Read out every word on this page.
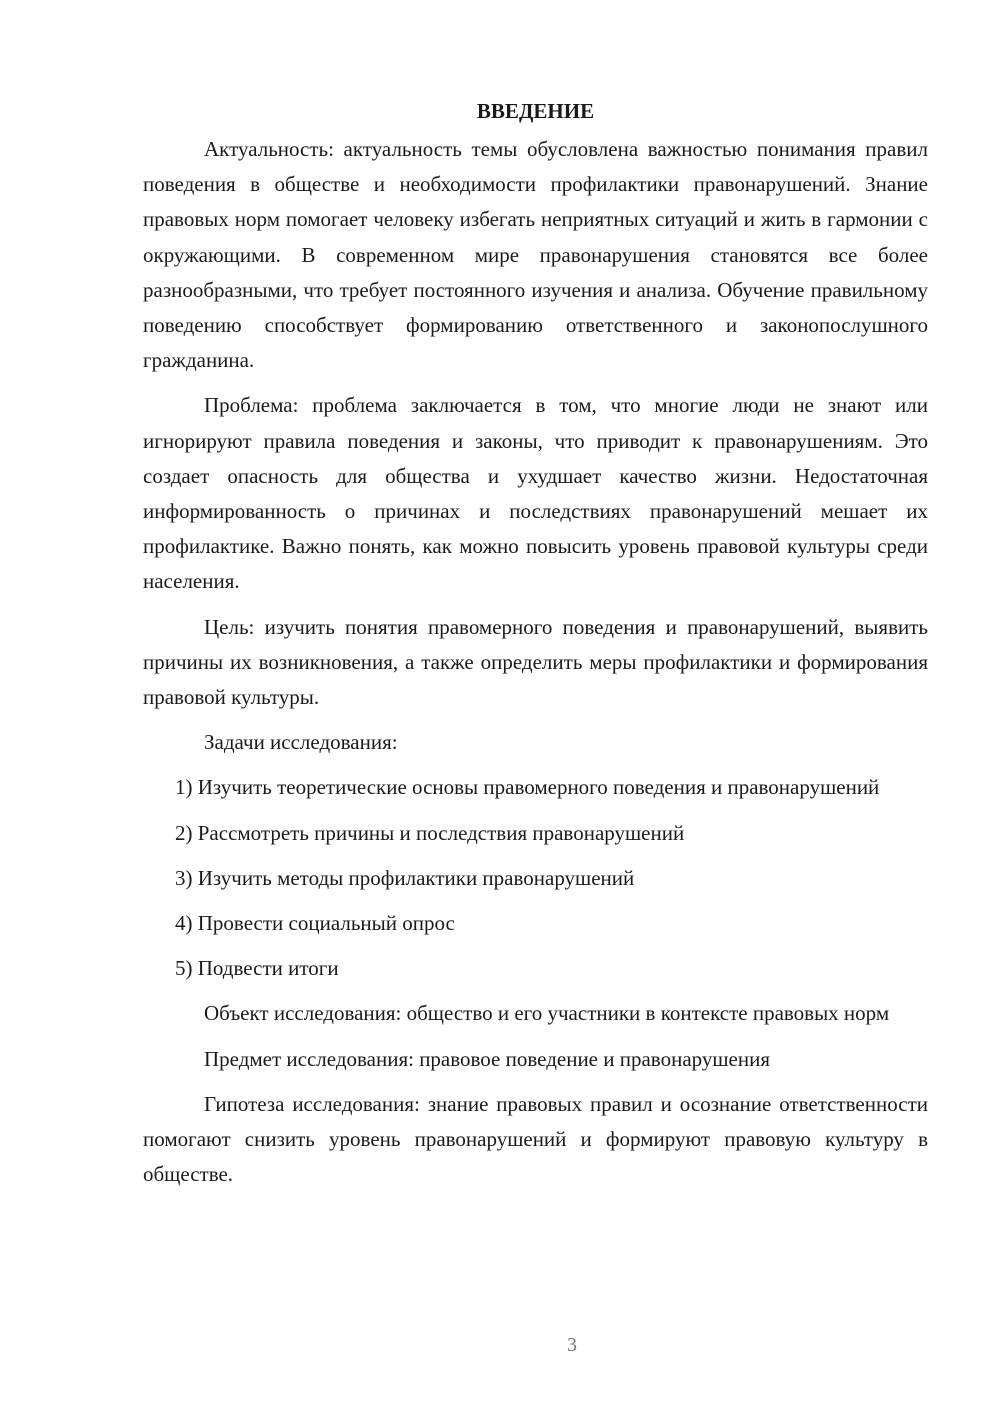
ВВЕДЕНИЕ

Актуальность: актуальность темы обусловлена важностью понимания правил поведения в обществе и необходимости профилактики правонарушений. Знание правовых норм помогает человеку избегать неприятных ситуаций и жить в гармонии с окружающими. В современном мире правонарушения становятся все более разнообразными, что требует постоянного изучения и анализа. Обучение правильному поведению способствует формированию ответственного и законопослушного гражданина.

Проблема: проблема заключается в том, что многие люди не знают или игнорируют правила поведения и законы, что приводит к правонарушениям. Это создает опасность для общества и ухудшает качество жизни. Недостаточная информированность о причинах и последствиях правонарушений мешает их профилактике. Важно понять, как можно повысить уровень правовой культуры среди населения.

Цель: изучить понятия правомерного поведения и правонарушений, выявить причины их возникновения, а также определить меры профилактики и формирования правовой культуры.

Задачи исследования:

1) Изучить теоретические основы правомерного поведения и правонарушений

2) Рассмотреть причины и последствия правонарушений

3) Изучить методы профилактики правонарушений

4) Провести социальный опрос

5) Подвести итоги

Объект исследования: общество и его участники в контексте правовых норм

Предмет исследования: правовое поведение и правонарушения

Гипотеза исследования: знание правовых правил и осознание ответственности помогают снизить уровень правонарушений и формируют правовую культуру в обществе.

3
